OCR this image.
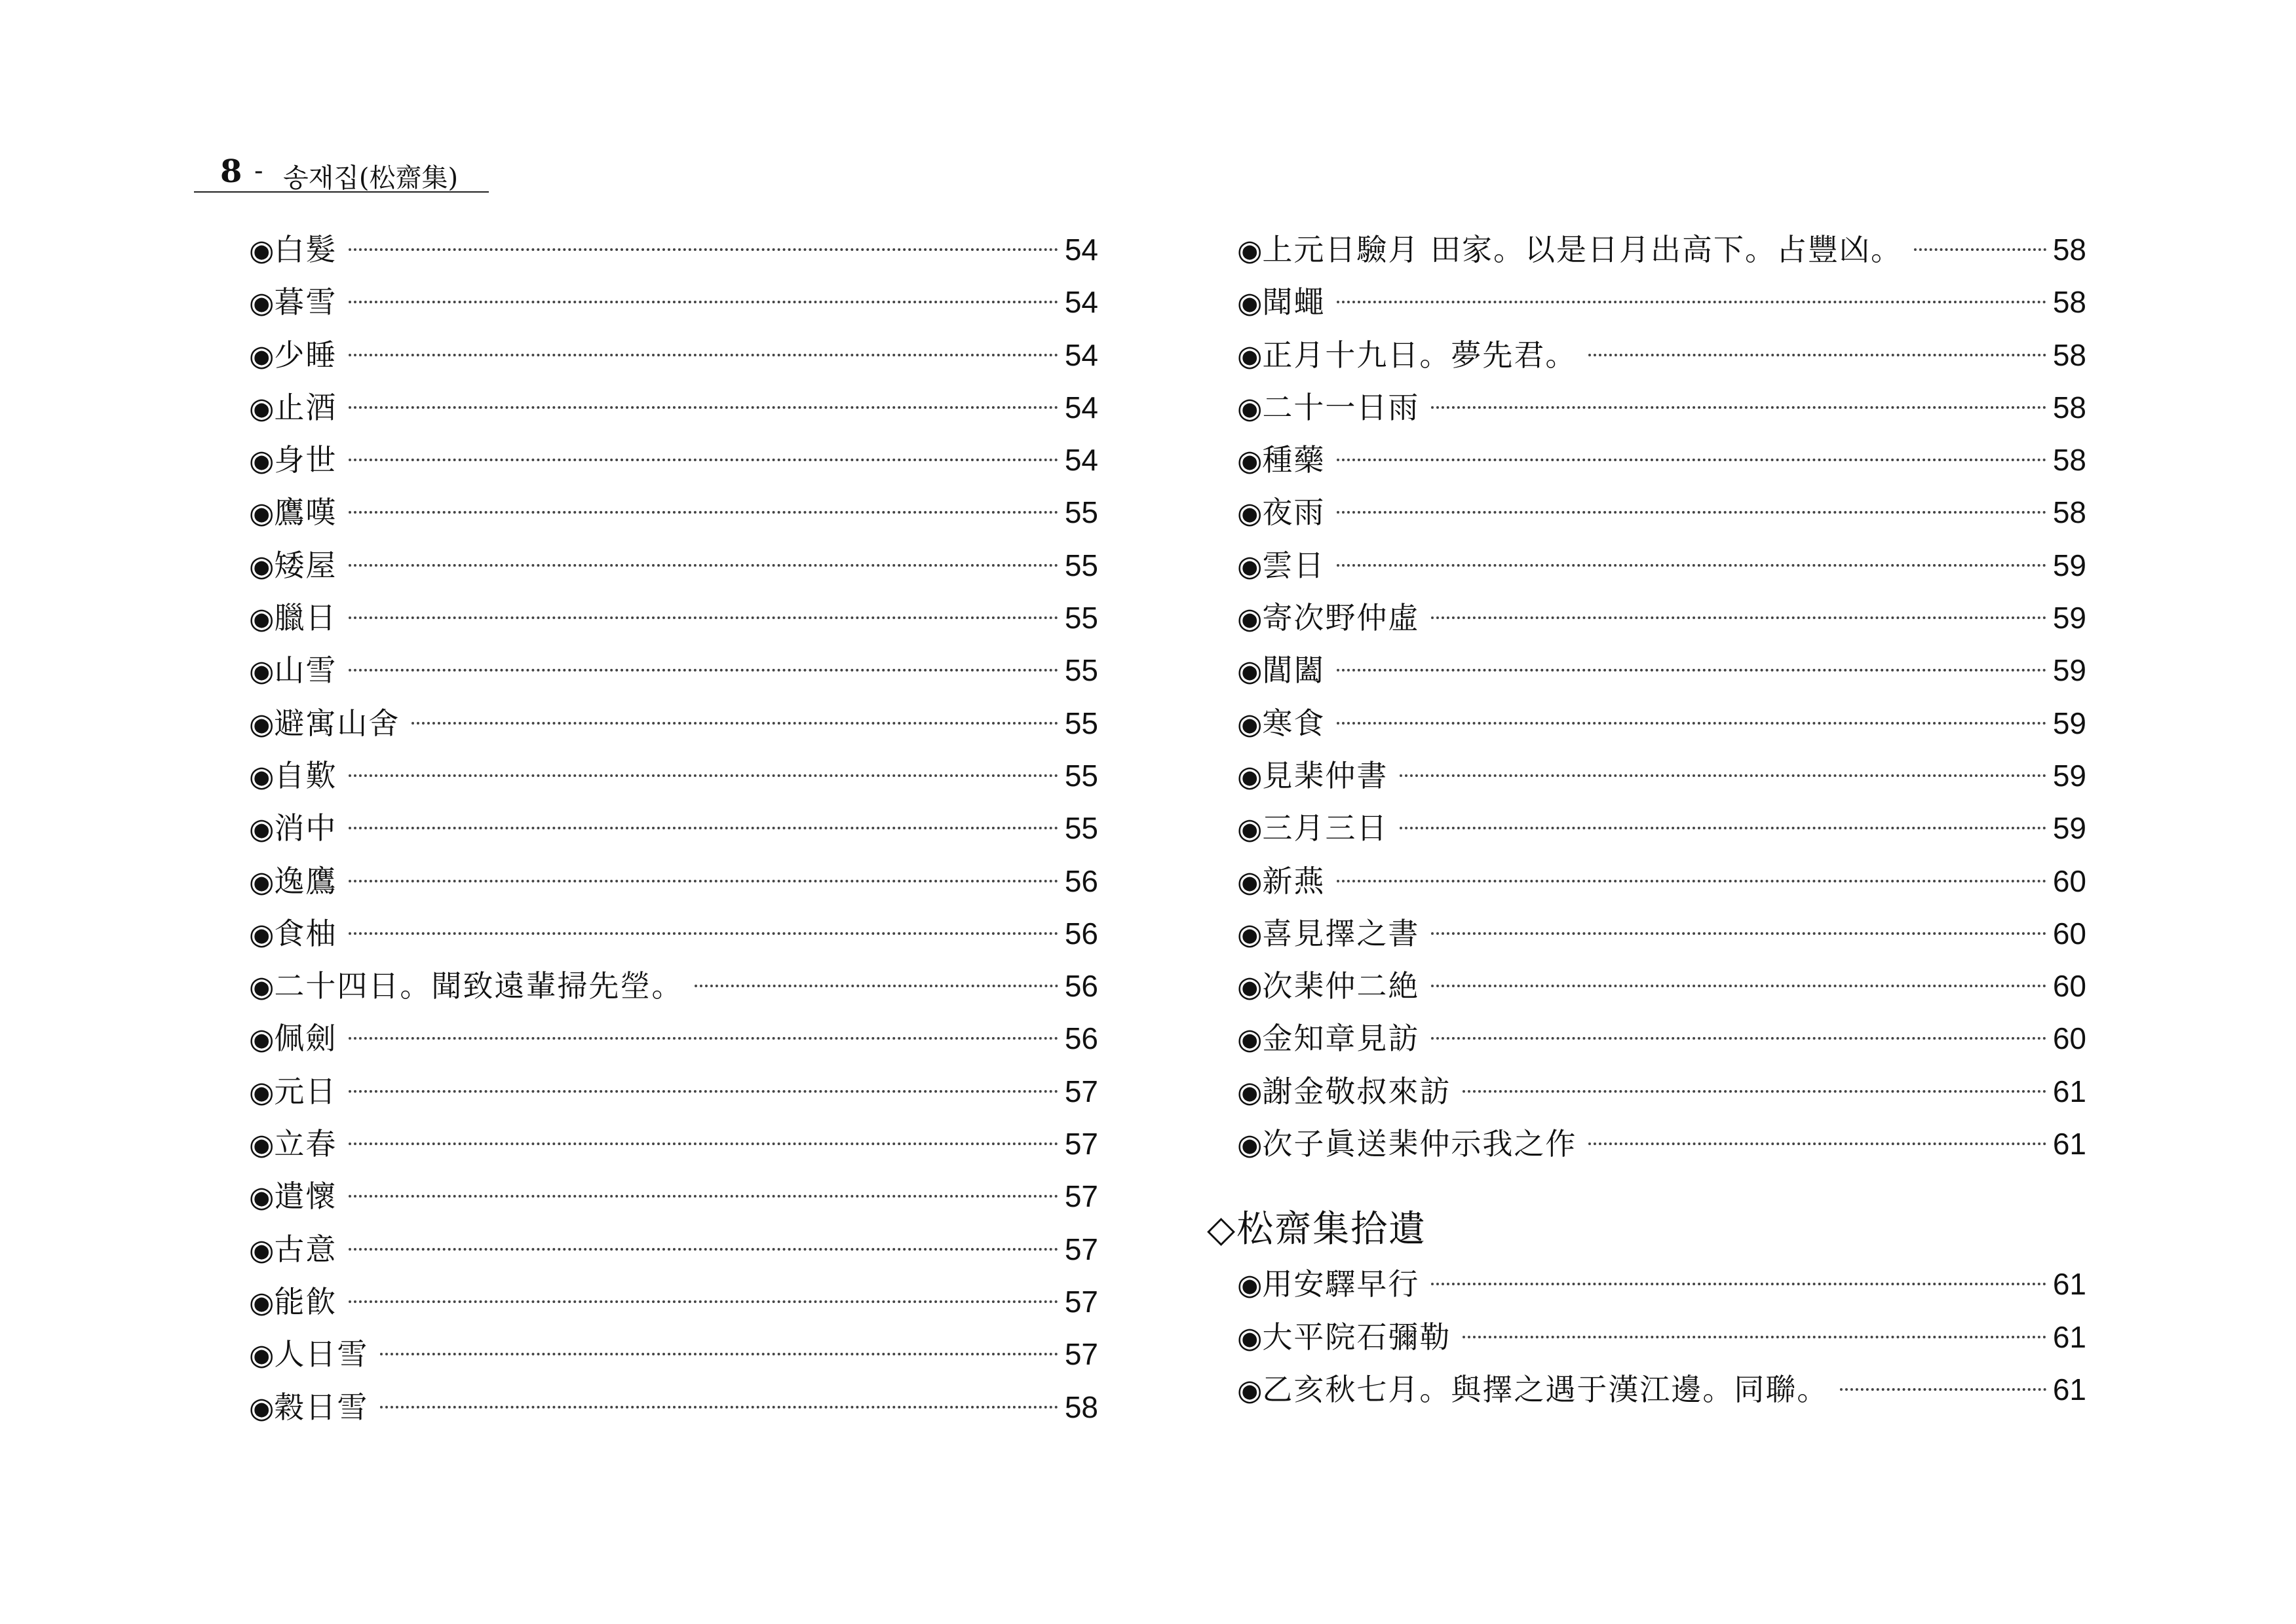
8 - 송재집(松齋集)
◉ 白髮	54
◉ 暮雪	54
◉ 少睡	54
◉ 止酒	54
◉ 身世	54
◉ 鷹嘆	55
◉ 矮屋	55
◉ 臘日	55
◉ 山雪	55
◉ 避寓山舍	55
◉ 自歎	55
◉ 消中	55
◉ 逸鷹	56
◉ 食柚	56
◉ 二十四日。聞致遠輩掃先塋。	56
◉ 佩劍	56
◉ 元日	57
◉ 立春	57
◉ 遣懷	57
◉ 古意	57
◉ 能飮	57
◉ 人日雪	57
◉ 穀日雪	58
◉ 上元日驗月 田家。以是日月出高下。占豐凶。	58
◉ 聞蠅	58
◉ 正月十九日。夢先君。	58
◉ 二十一日雨	58
◉ 種藥	58
◉ 夜雨	58
◉ 雲日	59
◉ 寄次野仲虛	59
◉ 閶闔	59
◉ 寒食	59
◉ 見棐仲書	59
◉ 三月三日	59
◉ 新燕	60
◉ 喜見擇之書	60
◉ 次棐仲二絶	60
◉ 金知章見訪	60
◉ 謝金敬叔來訪	61
◉ 次子眞送棐仲示我之作	61
◇松齋集拾遺
◉ 用安驛早行	61
◉ 大平院石彌勒	61
◉ 乙亥秋七月。與擇之遇于漢江邊。同聯。	61
